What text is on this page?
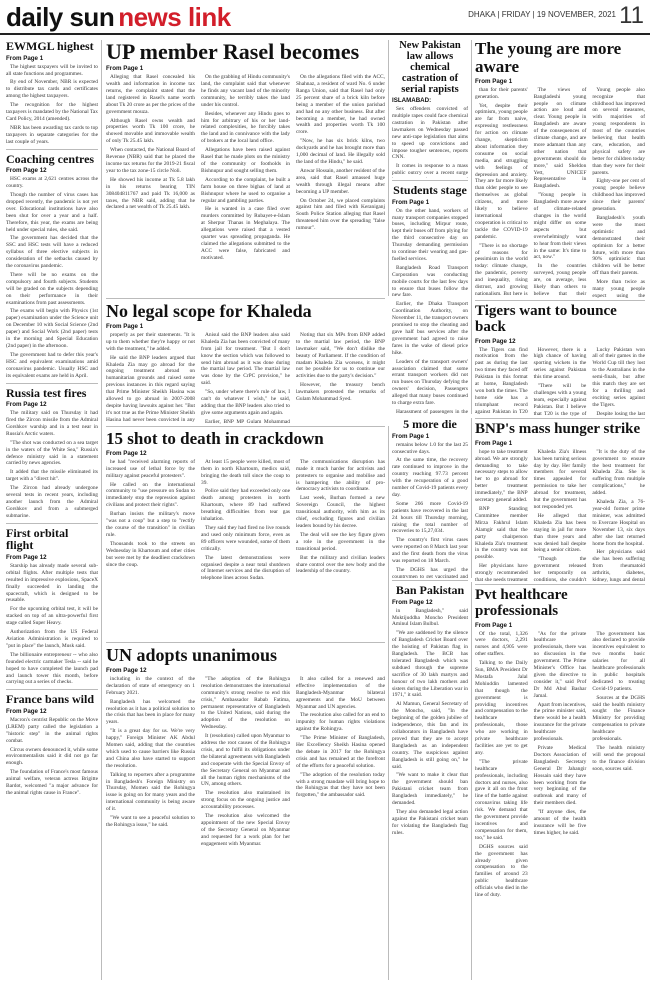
daily sun news link	DHAKA | FRIDAY | 19 NOVEMBER, 2021 11
EWMGL highest
From Page 1

The highest taxpayers will be invited to all state functions and programmes.

By end of November, NBR is expected to distribute tax cards and certificates among the highest taxpayers.

The recognition for the highest taxpayers is mandated by the National Tax Card Policy, 2014 (amended).

NBR has been awarding tax cards to top taxpayers in separate categories for the last couple of years.

Coaching centres
From Page 12

HSC exams at 2,621 centres across the country.

Though the number of virus cases has dropped recently, the pandemic is not yet over. Educational institutions have also been shut for over a year and a half. Therefore, this year, the exams are being held under special rules, she said.

The government has decided that the SSC and HSC tests will have a reduced syllabus of three elective subjects in consideration of the setbacks caused by the coronavirus pandemic.

There will be no exams on the compulsory and fourth subjects. Students will be graded on the subjects depending on their performance in their examinations from past assessments.

The exams will begin with Physics (1st paper) examination under the Science unit on December 10 with Social Science (2nd paper) and Social Work (2nd paper) tests in the morning and Special Education (2nd paper) in the afternoon.

The government had to defer this year's HSC and equivalent examinations amid coronavirus pandemic. Usually HSC and its equivalent exams are held in April.

Russia test fires
From Page 12

The military said on Thursday it had fired the Zircon missile from the Admiral Gorshkov warship and in a test near in Russia's Arctic waters.

"The shot was conducted on a sea target in the waters of the White Sea," Russia's defence ministry said in a statement carried by news agencies.

It added that the missile eliminated its target with a "direct hit".

The Zircon had already undergone several tests in recent years, including another launch from the Admiral Gorshkov and from a submerged submarine.

First orbital flight
From Page 12

Starship has already made several sub-orbital flights. After multiple tests that resulted in impressive explosions, SpaceX finally succeeded in landing the spacecraft, which is designed to be reusable.

For the upcoming orbital test, it will be stacked on top of an ultra-powerful first stage called Super Heavy.

Authorization from the US Federal Aviation Administration is required to "put in place" the launch, Musk said.

The billionaire entrepreneur -- who also founded electric carmaker Tesla -- said he hoped to have completed the launch pad and launch tower this month, before carrying out a series of checks.

France bans wild
From Page 12

Macron's centrist Republic on the Move (LREM) party called the legislation a "historic step" in the animal rights combat.

Circus owners denounced it, while some environmentalists said it did not go far enough.

The foundation of France's most famous animal welfare, veteran actress Brigitte Bardot, welcomed "a major advance for the animal rights cause in France".

UP member Rasel becomes
From Page 1

Alleging that Rasel concealed his wealth and information in income tax returns, the complaint stated that the land registered in Rasel's name worth about Tk 20 crore as per the prices of the government mouza.

Although Rasel owns wealth and properties worth Tk 100 crore, he showed movable and immovable wealth of only Tk 25.45 lakh.

When contacted, the National Board of Revenue (NBR) said that he placed the income tax returns for the 2019-21 fiscal year to the tax zone-15 circle Noli.

He showed his income at Tk 5.8 lakh in his returns bearing TIN 308404811767 and paid Tk 16,000 as taxes, the NBR said, adding that he declared a net wealth of Tk 25.45 lakh.

On the grabbing of Hindu community's land, the complaint said that whenever he finds any vacant land of the minority community, he terribly takes the land under his control.

Besides, whenever any Hindu goes to him for arbitrary of his or her land-related complexities, he forcibly takes the land and in connivance with the lady of brokers at the local land office.

Allegations have been raised against Rasel that he made plots on the ministry of the community or footholds in Bishnupur and sought selling them.

According to the complaint, he built a farm house on three bighas of land at Bishnupur where he used to organise a regular and gambling parties.

He is wanted in a case filed over murders committed by Rubayet-e-Islam at Sherpur Thanas in Meghalaya. The allegations were raised that a vested quarter was spreading propaganda. He claimed the allegations submitted to the ACC were false, fabricated and motivated.

On the allegations filed with the ACC, Shahnaz, a resident of ward No. 6 under Ranga Union, said that Rasel had only 25 percent share of a brick kiln before being a member of the union parishad and had no any other business. But after becoming a member, he had owned wealth and properties worth Tk 100 crore.

"Now, he has six brick kilns, two dockyards and he has brought more than 1,000 decimal of land. He illegally sold the land of the Hindu," he said.

Anwar Hossain, another resident of the area, said that Rasel amassed huge wealth through illegal means after becoming a UP member.

On October 24, we placed complaints against him and filed with Keraniganj South Police Station alleging that Rasel threatened him over the spreading "false rumour".

New Pakistan law allows chemical castration of serial rapists
ISLAMABAD:

Sex offenders convicted of multiple rapes could face chemical castration in Pakistan after lawmakers on Wednesday passed new anti-rape legislation that aims to speed up convictions and impose tougher sentences, reports CNN.

It comes in response to a mass public outcry over a recent surge

Students stage
From Page 1

On the other hand, workers of many transport companies stopped buses, including Mirpur route, kept their buses off from plying for the third consecutive day on Thursday demanding permission to continue their wearing and gas-fuelled services.

Bangladesh Road Transport Corporation was conducting mobile courts for the last few days to ensure that buses follow the new fare.

Earlier, the Dhaka Transport Coordination Authority, on November 11, the transport owners promised to stop the cheating and gave half bus services after the government had agreed to raise fares in the wake of diesel price hike.

Leaders of the transport owners' association claimed that some errant transport workers did not run buses on Thursday defying the owners' decision, Passengers alleged that many buses continued to charge extra fare.

Harassment of passengers in the

The young are more aware
From Page 1

than for their parents' generation.

Yet, despite their optimism, young people are far from naive, expressing restlessness for action on climate change, skepticism about information they consume on social media, and struggling with feelings of depression and anxiety. They are far more likely than older people to see themselves as global citizens, and more likely to believe international cooperation is critical to tackle the COVID-19 pandemic.

"There is no shortage of reasons for pessimism in the world today: climate change, the pandemic, poverty and inequality, rising distrust, and growing nationalism. But here is

The views of Bangladeshi young people on climate action are loud and clear. Young people in Bangladesh are aware of the consequences of climate change, and are more adamant than any other nation that governments should do more," said Sheldon Yett, UNICEF Representative in Bangladesh.

"Young people in Bangladesh more aware of climate-related changes in the world might differ on some aspects but overwhelmingly want to hear from their views in the same: It's time to act, now."

In the countries surveyed, young people are, on average, less likely than others to believe that their

Young people also recognize that childhood has improved on several measures, with majorities of young respondents in most of the countries believing that health care, education, and physical safety are better for children today than they were for their parents.

Eighty-one per cent of young people believe childhood has improved since their parents' generation.

Bangladesh's youth were the most optimistic and demonstrated their optimism for a better future, with more than 90% optimistic that children will be better off than their parents.

More than twice as many young people expect using the

No legal scope for Khaleda
From Page 1

properly as per their statements. "It is up to them whether they're happy or not with the treatment," he added.

He said the BNP leaders argued that Khaleda Zia may go abroad for the ongoing treatment abroad on humanitarian grounds and raised some previous instances in this regard saying that Prime Minister Sheikh Hasina was allowed to go abroad in 2007-2008 despite having lawsuits against her. "But it's not true as the Prime Minister Sheikh Hasina had never been convicted in any

Anisul said the BNP leaders also said Khaleda Zia has been convicted of many from jail for treatment. "But I don't know the section which was followed to send him abroad as it was done during the martial law period. The martial law was done by the CrPC provision," he said.

"So, under where there's rule of law, I can't do whatever I wish," he said, adding that the BNP leaders also tried to give some arguments again and again.

Earlier, BNP MP Gulam Mohammad

Noting that six MPs from BNP added to the martial law period, the BNP lawmaker said, "We don't dislike the beauty of Parliament. If the condition of madam Khaleda Zia worsens, it might not be possible for us to continue our activities due to the party's decision."

However, the treasury bench lawmakers protested the remarks of Gulam Mohammad Syed.

Tigers want to bounce back
From Page 12

The Tigers can find motivation from the past as during the last two times they faced off Pakistan in this format at home, Bangladesh won both the times. The home side has a triumphant record against Pakistan in T20

However, there is a high chance of having sporting wickets in the series against Pakistan this time around.

"There will be challenges with a young team, especially against Pakistan. But I believe that T20 is the type of

Lucky Pakistan won all of their games in the World Cup till they lost to the Australians in the semi-finals, but after this match they are set for a thrilling and exciting series against the Tigers.

Despite losing the last

15 shot to death in crackdown
From Page 12

he had "received alarming reports of increased use of lethal force by the military against peaceful protesters".

He called on the international community to "use pressure on Sudan to immediately stop the repression against civilians and protect their rights".

Burhan insists the military's move "was not a coup" but a step to "rectify the course of the transition" in civilian rule.

Thousands took to the streets on Wednesday in Khartoum and other cities but were met by the deadliest crackdown since the coup.

At least 15 people were killed, most of them in north Khartoum, medics said, bringing the death toll since the coup to 39.

Police said they had exceeded only one death among protesters in north Khartoum, where 89 had suffered breathing difficulties from tear gas inhalation.

They said they had fired no live rounds and used only minimum force, even as 89 officers were wounded, some of them critically.

The latest demonstrations were organised despite a near total shutdown of Internet services and the disruption of telephone lines across Sudan.

The communications disruption has made it much harder for activists and protesters to organise and mobilise and is hampering the ability of pro-democracy activists to coordinate.

Last week, Burhan formed a new Sovereign Council, the highest transitional authority, with him as its chief, excluding figures and civilian leaders bound by his decree.

The deal will see the key figure given a role in the government in the transitional period.

But the military and civilian leaders share control over the new body and the leadership of the country.

5 more die
From Page 1

remains below 1.0 for the last 25 consecutive days.

At the same time, the recovery rate continued to improve in the country reaching 97.73 percent with the recuperation of a good number of Covid-19 patients every day.

Some 266 more Covid-19 patients have recovered in the last 24 hours till Thursday morning, raising the total number of recoveries to 15,27,034.

The country's first virus cases were reported on 8 March last year and the first death from the virus was reported on 18 March.

The DGHS has urged the countrymen to get vaccinated and

BNP's mass hunger strike
From Page 1

hope to take treatment abroad. We are strongly demanding to take necessary steps to allow her to go abroad for better treatment immediately," the BNP secretary general added.

BNP Standing Committee member Mirza Fakhrul Islam Alamgir said that the party chairperson Khaleda Zia's treatment in the country was not possible.

Her physicians have strongly recommended that she needs treatment

Khaleda Zia's illness has been turning serious day by day. Her family members for several times appealed for permission to take her abroad for treatment, but the government has not responded yet.

He alleged that Khaleda Zia has been staying in jail for more than three years and was denied bail despite being a senior citizen.

"Though the government released her temporarily on conditions, she couldn't

"It is the duty of the government to ensure the best treatment for Khaleda Zia. She is suffering from multiple complications," he added.

Khaleda Zia, a 76-year-old former prime minister, was admitted to Evercare Hospital on November 13, six days after she last returned home from the hospital.

Her physicians said she has been suffering from rheumatoid arthritis, diabetes, kidney, lungs and dental

Ban Pakistan
From Page 12

in Bangladesh," said Muktijuddha Moncho President Aminul Islam Bulbul.

"We are saddened by the silence of Bangladesh Cricket Board over the hoisting of Pakistan flag in Bangladesh. The BCB has tolerated Bangladesh which was subdued through the supreme sacrifice of 30 lakh martyrs and honour of two lakh mothers and sisters during the Liberation war in 1971," it said.

Al Mamun, General Secretary of the Moncho, said, "In the beginning of the golden jubilee of independence, this fan and its collaborators in Bangladesh have proved that they are to accept Bangladesh as an independent country. The suspicious against Bangladesh is still going on," he said.

"We want to make it clear that the government should ban Pakistani cricket team from Bangladesh immediately," he demanded.

They also demanded legal action against the Pakistani cricket team for violating the Bangladesh flag rules.

UN adopts unanimous
From Page 12

including in the context of the declaration of state of emergency on 1 February 2021.

Bangladesh has welcomed the resolution as it has a political solution to the crisis that has been in place for many years.

"It is a great day for us. We're very happy," Foreign Minister AK Abdul Momen said, adding that the countries which used to cause barriers like Russia and China also have started to support the resolution.

Talking to reporters after a programme in Bangladesh's Foreign Ministry on Thursday, Momen said the Rohingya issue is going on for many years and the international community is being aware of it.

"We want to see a peaceful solution to the Rohingya issue," he said.

"The adoption of the Rohingya resolution demonstrates the international community's strong resolve to end this crisis," Ambassador Rabab Fatima, permanent representative of Bangladesh to the United Nations, said during the adoption of the resolution on Wednesday.

It (resolution) called upon Myanmar to address the root causes of the Rohingya crisis, and to fulfil its obligations under the bilateral agreements with Bangladesh and cooperate with the Special Envoy of the Secretary General on Myanmar and all the human rights mechanisms of the UN, among others.

The resolution also maintained its strong focus on the ongoing justice and accountability processes.

The resolution also welcomed the appointment of the new Special Envoy of the Secretary General on Myanmar and requested for a work plan for her engagement with Myanmar.

It also called for a renewed and effective implementation of the Bangladesh-Myanmar bilateral agreements and the MoU between Myanmar and UN agencies.

The resolution also called for an end to impunity for human rights violations against the Rohingya.

"The Prime Minister of Bangladesh, Her Excellency Sheikh Hasina opened the debate in 2017 for the Rohingya crisis and has remained at the forefront of the efforts for a peaceful solution.

"The adoption of the resolution today with a strong mandate will bring hope to the Rohingyas that they have not been forgotten," the ambassador said.

Pvt healthcare professionals
From Page 1

Of the total, 1,326 were doctors, 2,291 nurses and 4,905 were other staffers.

Talking to the Daily Sun, BMA President Dr Mostafa Jalal Mohiuddin lamented that though the government is providing incentives and compensation to the healthcare professionals, those who are working in private healthcare facilities are yet to get any.

"The private healthcare professionals, including doctors and nurses, also gave it all on the front line of the battle against coronavirus taking life risk. We demand that the government provide incentives and compensation for them, too," he said.

DGHS sources said the government has already given compensation to the families of around 23 public healthcare officials who died in the line of duty.

"As for the private healthcare professionals, there was no discussion in the government. The Prime Minister's Office has given the directive to consider it," said Prof Dr Md Abul Bashar Jamal.

Apart from incentives, the prime minister said, there would be a health insurance for the private healthcare professionals.

Private Medical Doctors Association of Bangladesh Secretary General Dr Jahangir Hossain said they have been working from the very beginning of the outbreak and many of their members died.

"If anyone dies, the amount of the health insurance will be five times higher, he said.

The government has also declared to provide incentives equivalent to two months basic salaries for all healthcare professionals in public hospitals dedicated to treating Covid-19 patients.

Sources at the DGHS said the health ministry sought the Finance Ministry for providing compensation to private healthcare professionals.

The health ministry will send the proposal to the finance division soon, sources said.
